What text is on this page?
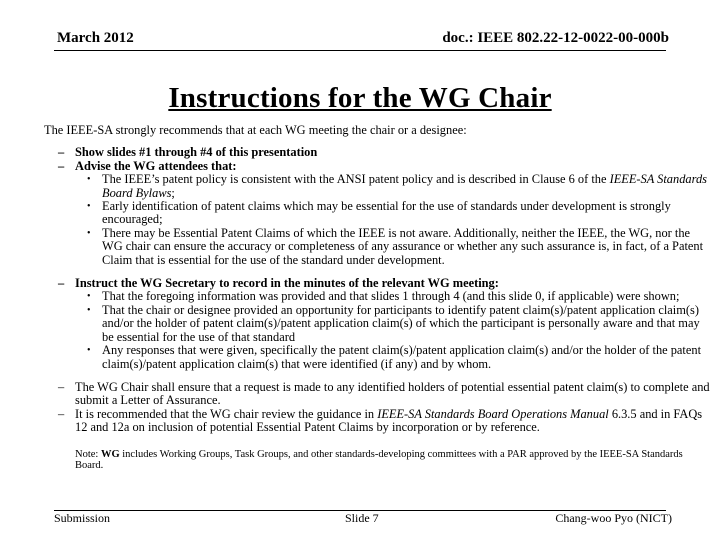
March 2012	doc.: IEEE 802.22-12-0022-00-000b
Instructions for the WG Chair

The IEEE-SA strongly recommends that at each WG meeting the chair or a designee:

– Show slides #1 through #4 of this presentation

– Advise the WG attendees that:

• The IEEE’s patent policy is consistent with the ANSI patent policy and is described in Clause 6 of the IEEE-SA Standards Board Bylaws;

• Early identification of patent claims which may be essential for the use of standards under development is strongly encouraged;

• There may be Essential Patent Claims of which the IEEE is not aware. Additionally, neither the IEEE, the WG, nor the WG chair can ensure the accuracy or completeness of any assurance or whether any such assurance is, in fact, of a Patent Claim that is essential for the use of the standard under development.

– Instruct the WG Secretary to record in the minutes of the relevant WG meeting:

• That the foregoing information was provided and that slides 1 through 4 (and this slide 0, if applicable) were shown;

• That the chair or designee provided an opportunity for participants to identify patent claim(s)/patent application claim(s) and/or the holder of patent claim(s)/patent application claim(s) of which the participant is personally aware and that may be essential for the use of that standard

• Any responses that were given, specifically the patent claim(s)/patent application claim(s) and/or the holder of the patent claim(s)/patent application claim(s) that were identified (if any) and by whom.

– The WG Chair shall ensure that a request is made to any identified holders of potential essential patent claim(s) to complete and submit a Letter of Assurance.

– It is recommended that the WG chair review the guidance in IEEE-SA Standards Board Operations Manual 6.3.5 and in FAQs 12 and 12a on inclusion of potential Essential Patent Claims by incorporation or by reference.

Note: WG includes Working Groups, Task Groups, and other standards-developing committees with a PAR approved by the IEEE-SA Standards Board.
Submission	Slide 7	Chang-woo Pyo (NICT)
